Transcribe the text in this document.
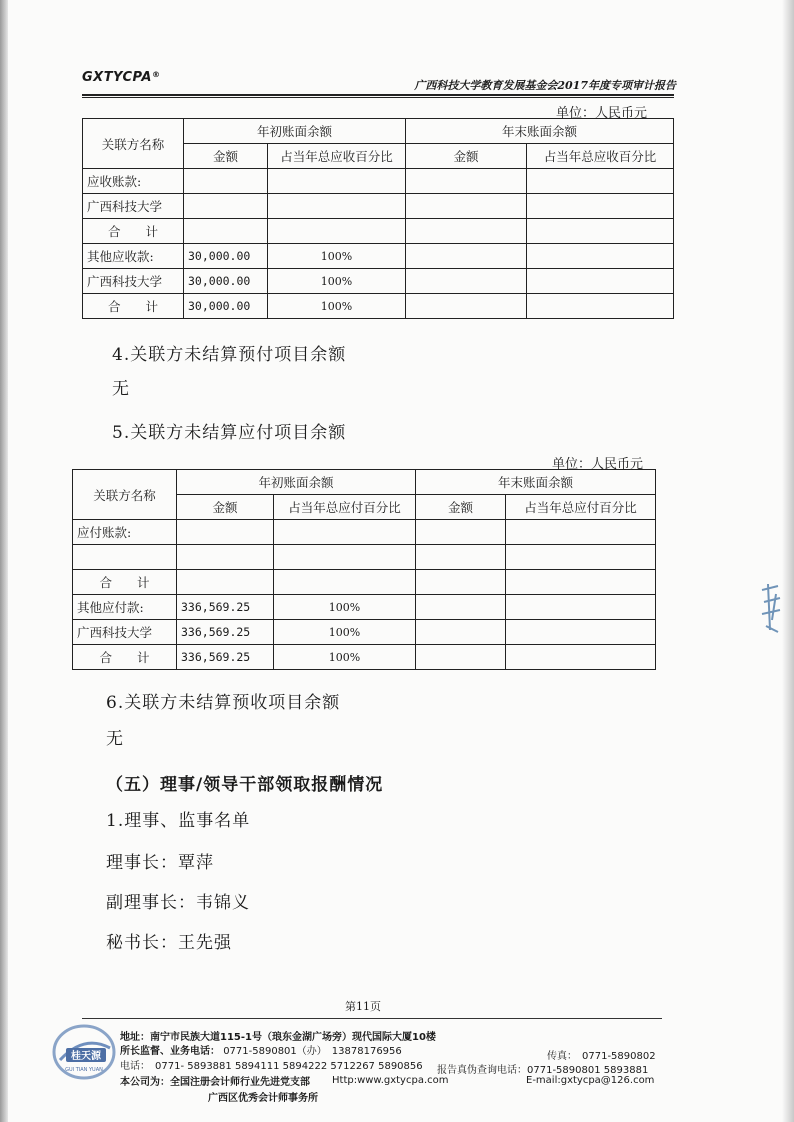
GXTYCPA®
广西科技大学教育发展基金会2017年度专项审计报告
单位：人民币元
关联方名称	年初账面余额		年末账面余额	
	金额	占当年总应收百分比	金额	占当年总应收百分比
应收账款:				
广西科技大学				
合　　计				
其他应收款:	30,000.00	100%		
广西科技大学	30,000.00	100%		
合　　计	30,000.00	100%		
4.关联方未结算预付项目余额
无
5.关联方未结算应付项目余额
单位：人民币元
关联方名称	年初账面余额		年末账面余额	
	金额	占当年总应付百分比	金额	占当年总应付百分比
应付账款:				

合　　计				
其他应付款:	336,569.25	100%		
广西科技大学	336,569.25	100%		
合　　计	336,569.25	100%		
6.关联方未结算预收项目余额
无
（五）理事/领导干部领取报酬情况
1.理事、监事名单
理事长：覃萍
副理事长：韦锦义
秘书长：王先强
第11页
桂天源
GUI TIAN YUAN
地址：南宁市民族大道115-1号（琅东金湖广场旁）现代国际大厦10楼
所长监督、业务电话： 0771-5890801（办）　13878176956	传真：　0771-5890802
电话：　0771- 5893881 5894111 5894222 5712267 5890856 报告真伪查询电话：0771-5890801 5893881
本公司为：全国注册会计师行业先进党支部 Http:www.gxtycpa.com	E-mail:gxtycpa@126.com
广西区优秀会计师事务所
